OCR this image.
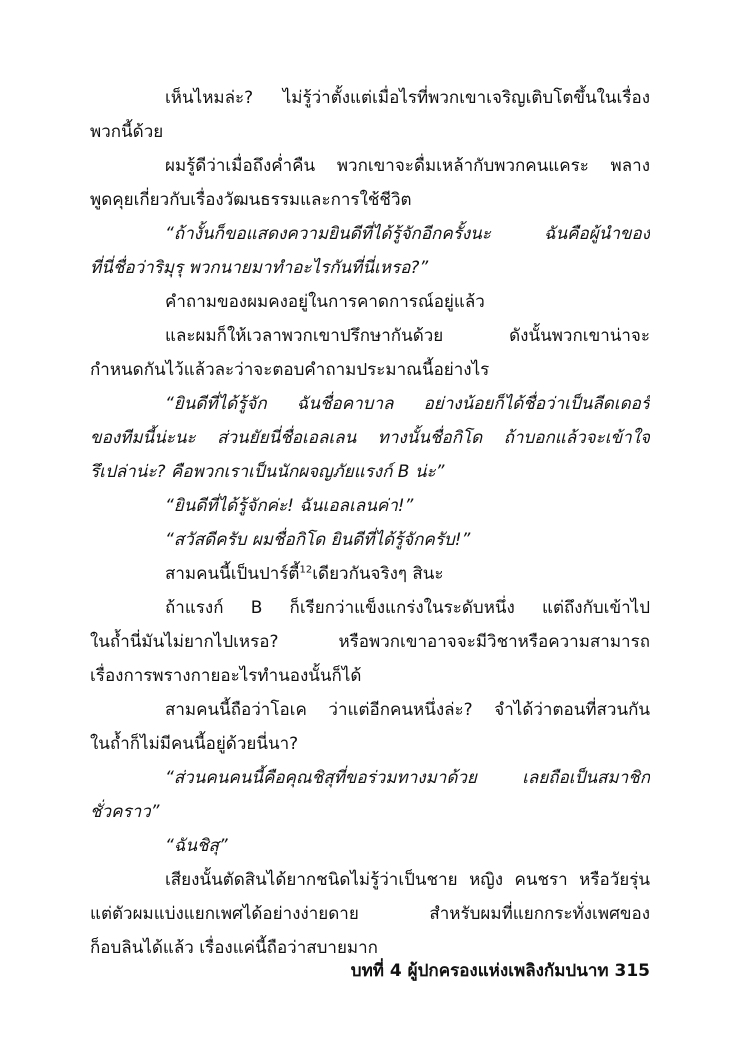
เห็นไหมล่ะ? ไม่รู้ว่าตั้งแต่เมื่อไรที่พวกเขาเจริญเติบโตขึ้นในเรื่อง
พวกนี้ด้วย
ผมรู้ดีว่าเมื่อถึงค่ำคืน พวกเขาจะดื่มเหล้ากับพวกคนแคระ พลาง
พูดคุยเกี่ยวกับเรื่องวัฒนธรรมและการใช้ชีวิต
“ถ้างั้นก็ขอแสดงความยินดีที่ได้รู้จักอีกครั้งนะ ฉันคือผู้นำของ
ที่นี่ชื่อว่าริมุรุ พวกนายมาทำอะไรกันที่นี่เหรอ?”
คำถามของผมคงอยู่ในการคาดการณ์อยู่แล้ว
และผมก็ให้เวลาพวกเขาปรึกษากันด้วย ดังนั้นพวกเขาน่าจะ
กำหนดกันไว้แล้วละว่าจะตอบคำถามประมาณนี้อย่างไร
“ยินดีที่ได้รู้จัก ฉันชื่อคาบาล อย่างน้อยก็ได้ชื่อว่าเป็นลีดเดอร์
ของทีมนี้น่ะนะ ส่วนยัยนี่ชื่อเอลเลน ทางนั้นชื่อกิโด ถ้าบอกแล้วจะเข้าใจ
รึเปล่าน่ะ? คือพวกเราเป็นนักผจญภัยแรงก์ B น่ะ”
“ยินดีที่ได้รู้จักค่ะ! ฉันเอลเลนค่า!”
“สวัสดีครับ ผมชื่อกิโด ยินดีที่ได้รู้จักครับ!”
สามคนนี้เป็นปาร์ตี้$^{12}$เดียวกันจริงๆ สินะ
ถ้าแรงก์ B ก็เรียกว่าแข็งแกร่งในระดับหนึ่ง แต่ถึงกับเข้าไป
ในถ้ำนี่มันไม่ยากไปเหรอ? หรือพวกเขาอาจจะมีวิชาหรือความสามารถ
เรื่องการพรางกายอะไรทำนองนั้นก็ได้
สามคนนี้ถือว่าโอเค ว่าแต่อีกคนหนึ่งล่ะ? จำได้ว่าตอนที่สวนกัน
ในถ้ำก็ไม่มีคนนี้อยู่ด้วยนี่นา?
“ส่วนคนคนนี้คือคุณชิสุที่ขอร่วมทางมาด้วย เลยถือเป็นสมาชิก
ชั่วคราว”
“ฉันชิสุ”
เสียงนั้นตัดสินได้ยากชนิดไม่รู้ว่าเป็นชาย หญิง คนชรา หรือวัยรุ่น
แต่ตัวผมแบ่งแยกเพศได้อย่างง่ายดาย สำหรับผมที่แยกกระทั่งเพศของ
ก็อบลินได้แล้ว เรื่องแค่นี้ถือว่าสบายมาก
บทที่ 4 ผู้ปกครองแห่งเพลิงกัมปนาท 315
